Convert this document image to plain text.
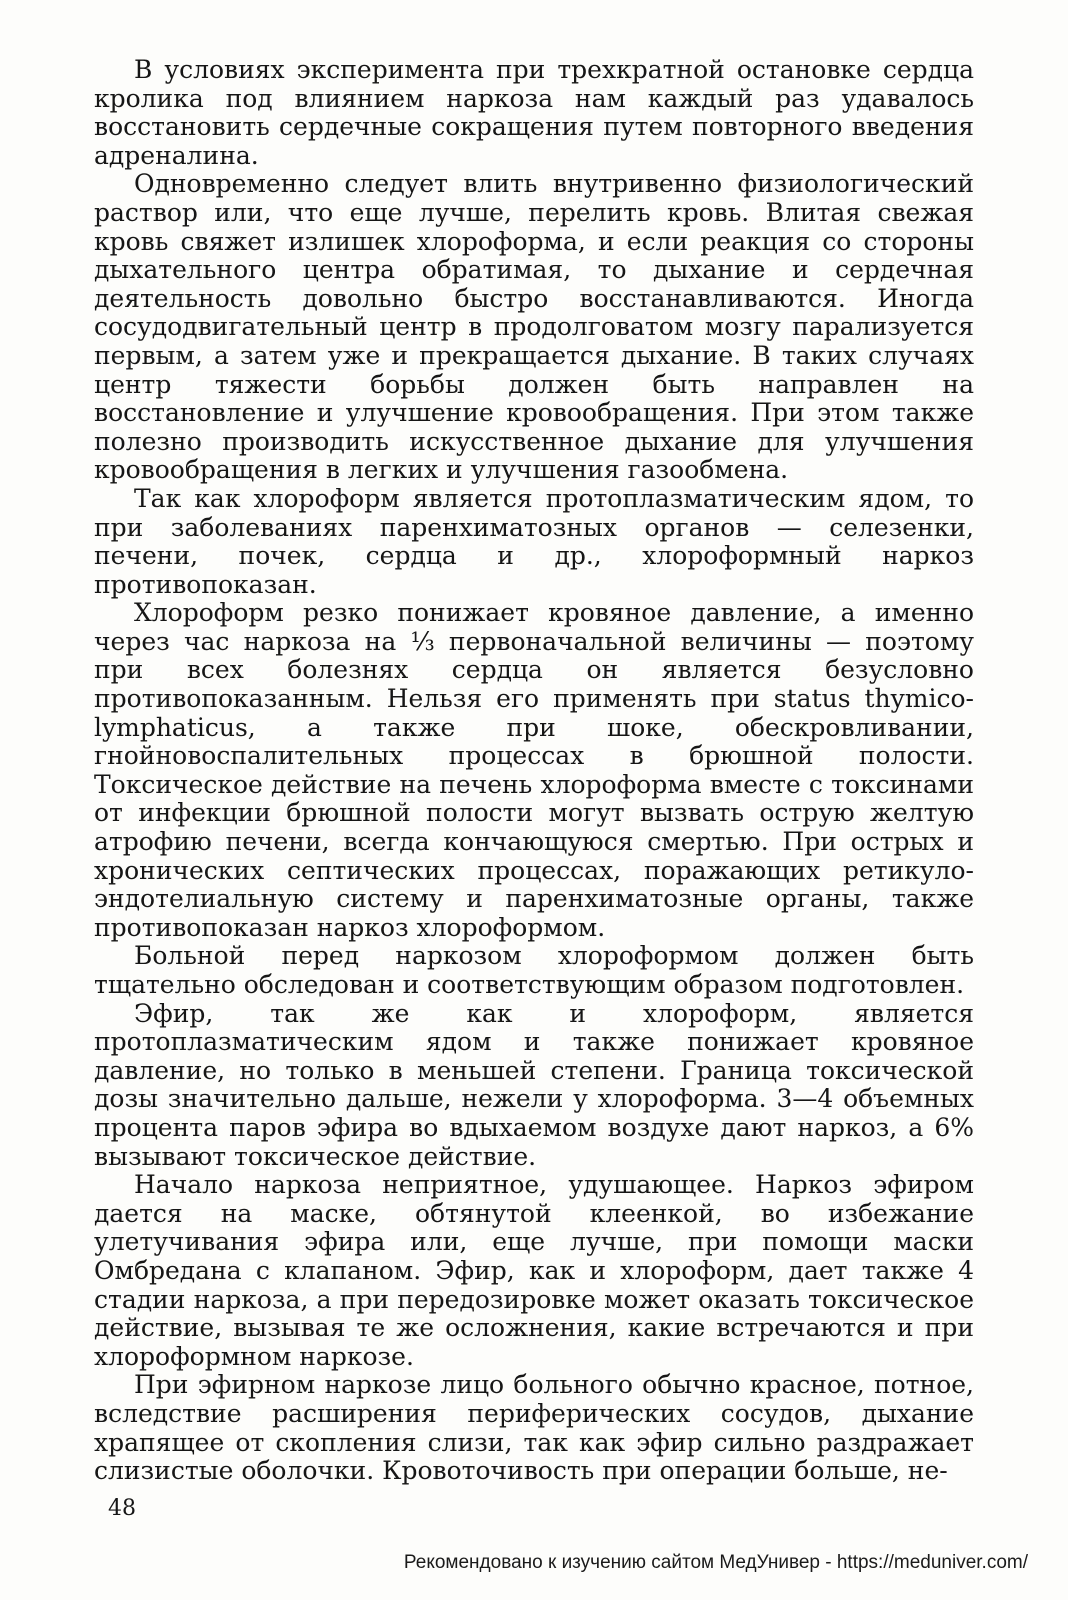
В условиях эксперимента при трехкратной остановке сердца кролика под влиянием наркоза нам каждый раз удавалось восстановить сердечные сокращения путем повторного введения адреналина.

Одновременно следует влить внутривенно физиологический раствор или, что еще лучше, перелить кровь. Влитая свежая кровь свяжет излишек хлороформа, и если реакция со стороны дыхательного центра обратимая, то дыхание и сердечная деятельность довольно быстро восстанавливаются. Иногда сосудодвигательный центр в продолговатом мозгу парализуется первым, а затем уже и прекращается дыхание. В таких случаях центр тяжести борьбы должен быть направлен на восстановление и улучшение кровообращения. При этом также полезно производить искусственное дыхание для улучшения кровообращения в легких и улучшения газообмена.

Так как хлороформ является протоплазматическим ядом, то при заболеваниях паренхиматозных органов — селезенки, печени, почек, сердца и др., хлороформный наркоз противопоказан.

Хлороформ резко понижает кровяное давление, а именно через час наркоза на ⅓ первоначальной величины — поэтому при всех болезнях сердца он является безусловно противопоказанным. Нельзя его применять при status thymico-lymphaticus, а также при шоке, обескровливании, гнойновоспалительных процессах в брюшной полости. Токсическое действие на печень хлороформа вместе с токсинами от инфекции брюшной полости могут вызвать острую желтую атрофию печени, всегда кончающуюся смертью. При острых и хронических септических процессах, поражающих ретикуло-эндотелиальную систему и паренхиматозные органы, также противопоказан наркоз хлороформом.

Больной перед наркозом хлороформом должен быть тщательно обследован и соответствующим образом подготовлен.

Эфир, так же как и хлороформ, является протоплазматическим ядом и также понижает кровяное давление, но только в меньшей степени. Граница токсической дозы значительно дальше, нежели у хлороформа. 3—4 объемных процента паров эфира во вдыхаемом воздухе дают наркоз, а 6% вызывают токсическое действие.

Начало наркоза неприятное, удушающее. Наркоз эфиром дается на маске, обтянутой клеенкой, во избежание улетучивания эфира или, еще лучше, при помощи маски Омбредана с клапаном. Эфир, как и хлороформ, дает также 4 стадии наркоза, а при передозировке может оказать токсическое действие, вызывая те же осложнения, какие встречаются и при хлороформном наркозе.

При эфирном наркозе лицо больного обычно красное, потное, вследствие расширения периферических сосудов, дыхание храпящее от скопления слизи, так как эфир сильно раздражает слизистые оболочки. Кровоточивость при операции больше, не-

48
Рекомендовано к изучению сайтом МедУнивер - https://meduniver.com/
